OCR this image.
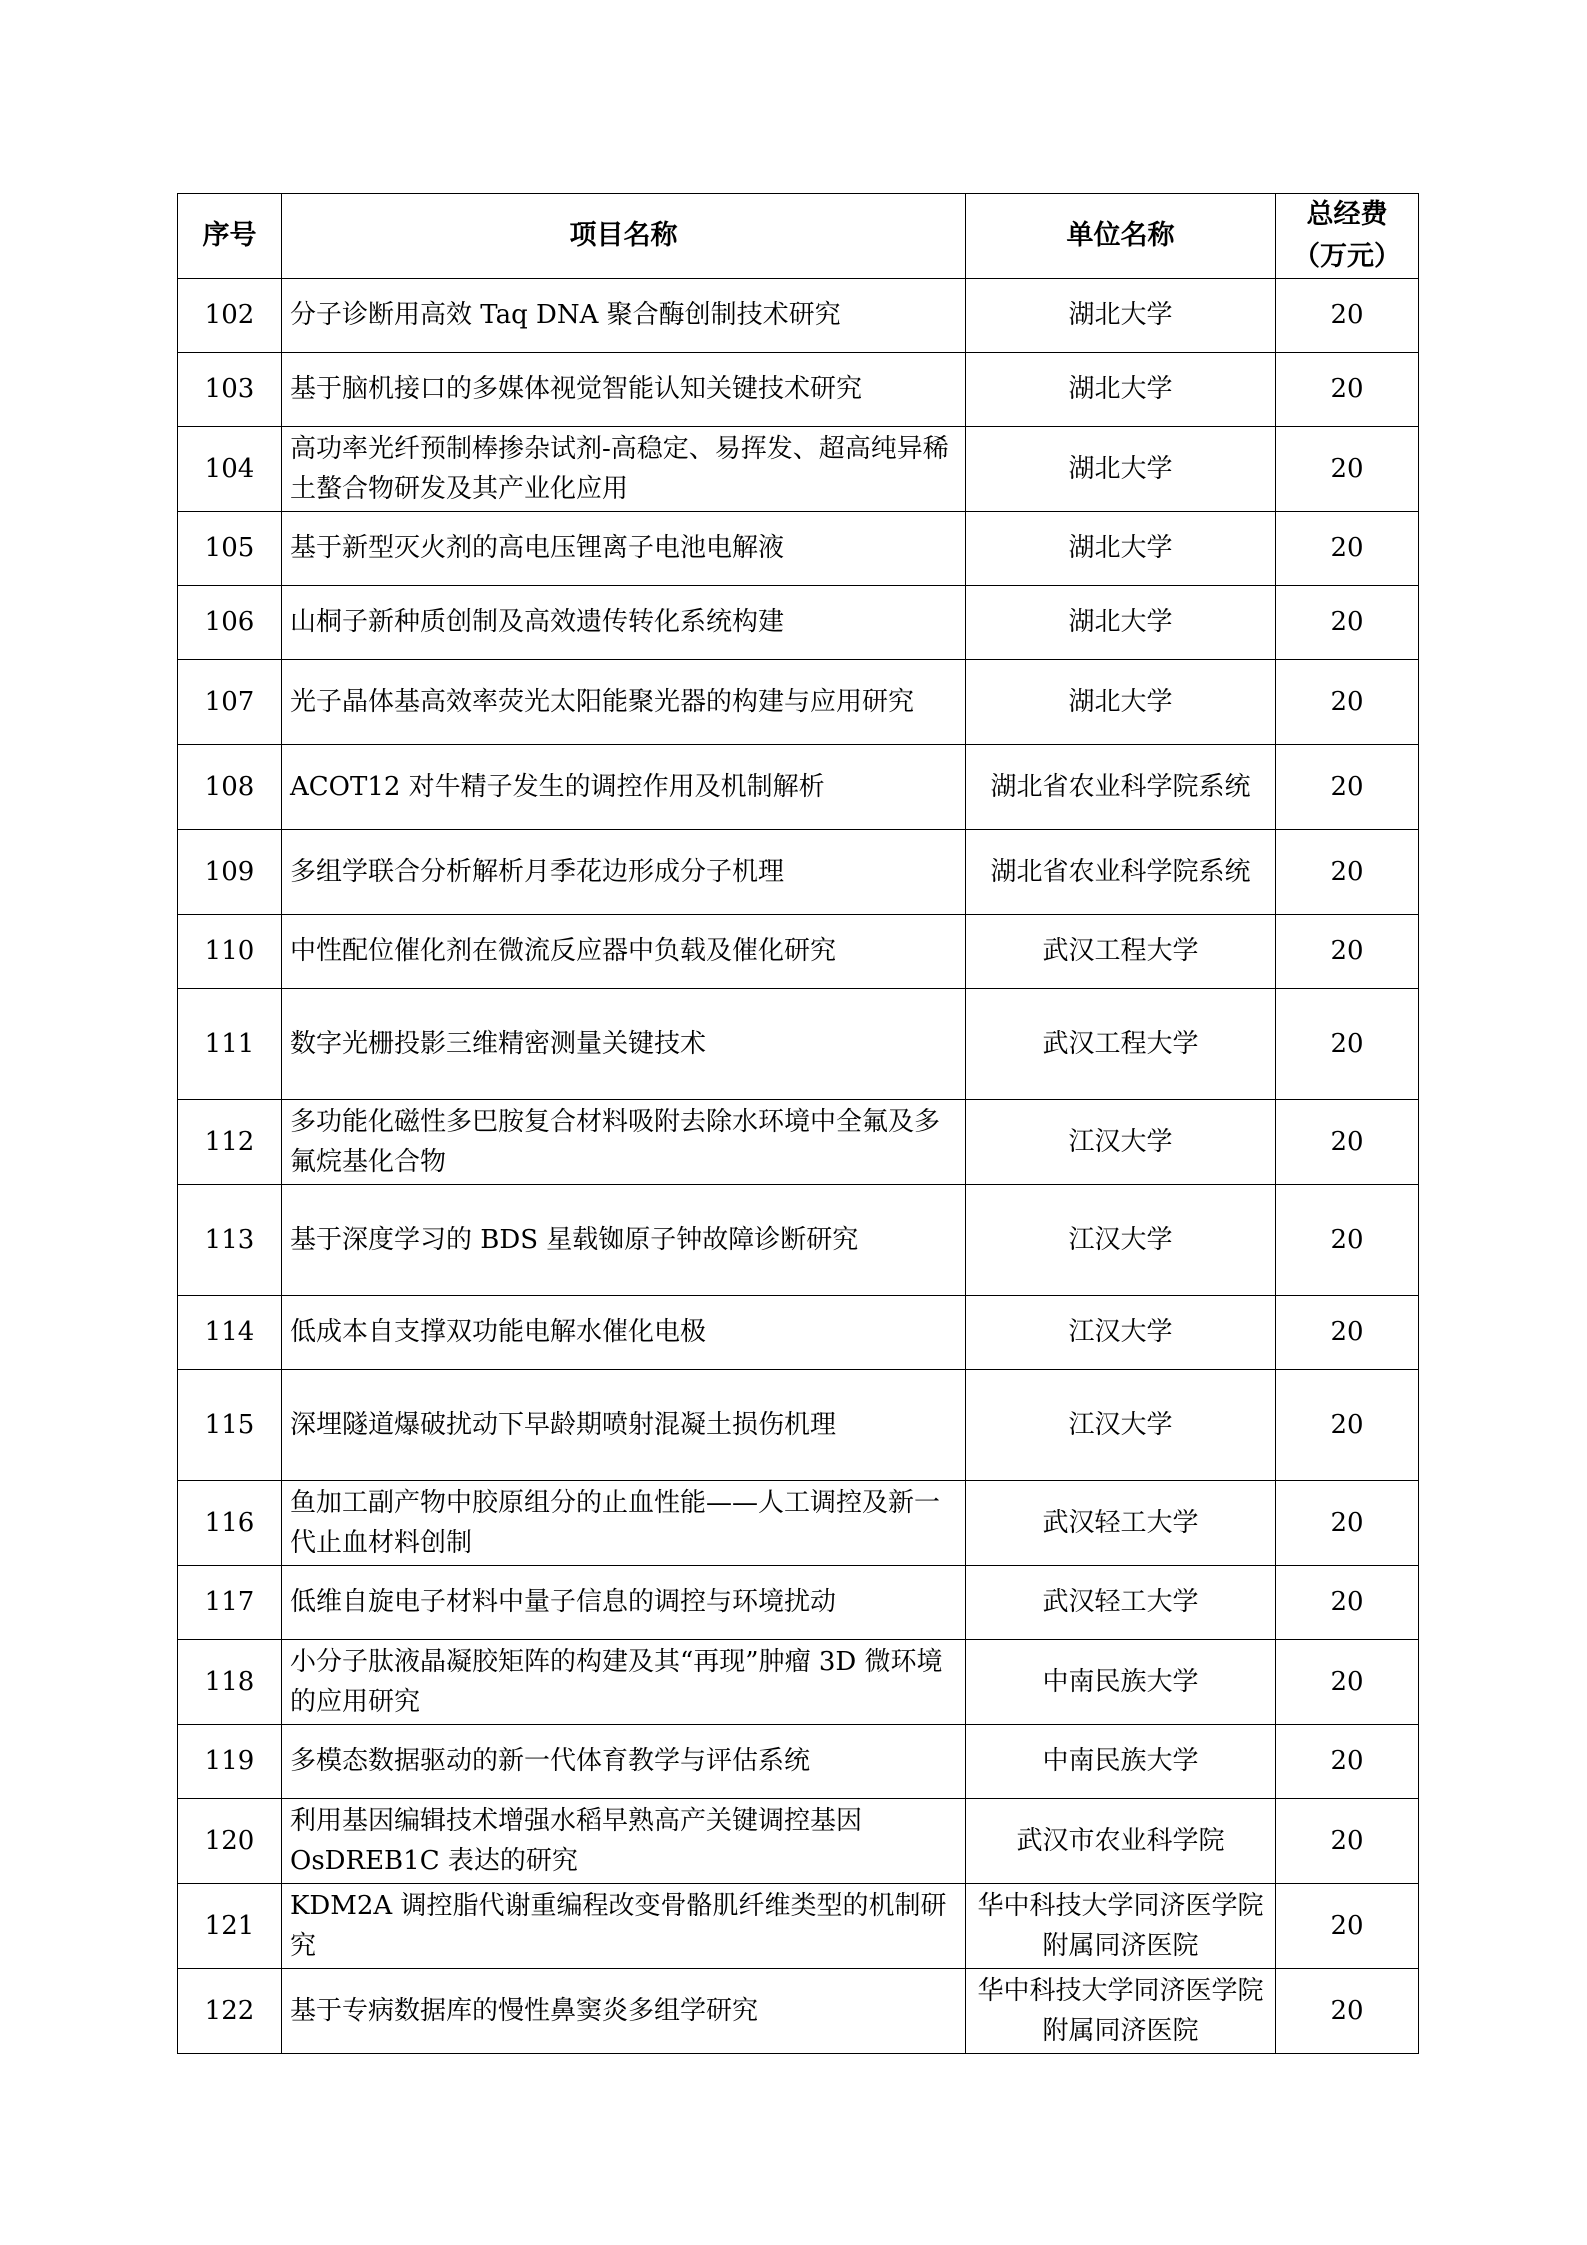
序号	项目名称	单位名称	总经费
（万元）

102	分子诊断用高效 Taq DNA 聚合酶创制技术研究	湖北大学	20
103	基于脑机接口的多媒体视觉智能认知关键技术研究	湖北大学	20
104	高功率光纤预制棒掺杂试剂-高稳定、易挥发、超高纯异稀土螯合物研发及其产业化应用	湖北大学	20
105	基于新型灭火剂的高电压锂离子电池电解液	湖北大学	20
106	山桐子新种质创制及高效遗传转化系统构建	湖北大学	20
107	光子晶体基高效率荧光太阳能聚光器的构建与应用研究	湖北大学	20
108	ACOT12 对牛精子发生的调控作用及机制解析	湖北省农业科学院系统	20
109	多组学联合分析解析月季花边形成分子机理	湖北省农业科学院系统	20
110	中性配位催化剂在微流反应器中负载及催化研究	武汉工程大学	20
111	数字光栅投影三维精密测量关键技术	武汉工程大学	20
112	多功能化磁性多巴胺复合材料吸附去除水环境中全氟及多氟烷基化合物	江汉大学	20
113	基于深度学习的 BDS 星载铷原子钟故障诊断研究	江汉大学	20
114	低成本自支撑双功能电解水催化电极	江汉大学	20
115	深埋隧道爆破扰动下早龄期喷射混凝土损伤机理	江汉大学	20
116	鱼加工副产物中胶原组分的止血性能——人工调控及新一代止血材料创制	武汉轻工大学	20
117	低维自旋电子材料中量子信息的调控与环境扰动	武汉轻工大学	20
118	小分子肽液晶凝胶矩阵的构建及其“再现”肿瘤 3D 微环境的应用研究	中南民族大学	20
119	多模态数据驱动的新一代体育教学与评估系统	中南民族大学	20
120	利用基因编辑技术增强水稻早熟高产关键调控基因 OsDREB1C 表达的研究	武汉市农业科学院	20
121	KDM2A 调控脂代谢重编程改变骨骼肌纤维类型的机制研究	华中科技大学同济医学院附属同济医院	20
122	基于专病数据库的慢性鼻窦炎多组学研究	华中科技大学同济医学院附属同济医院	20
